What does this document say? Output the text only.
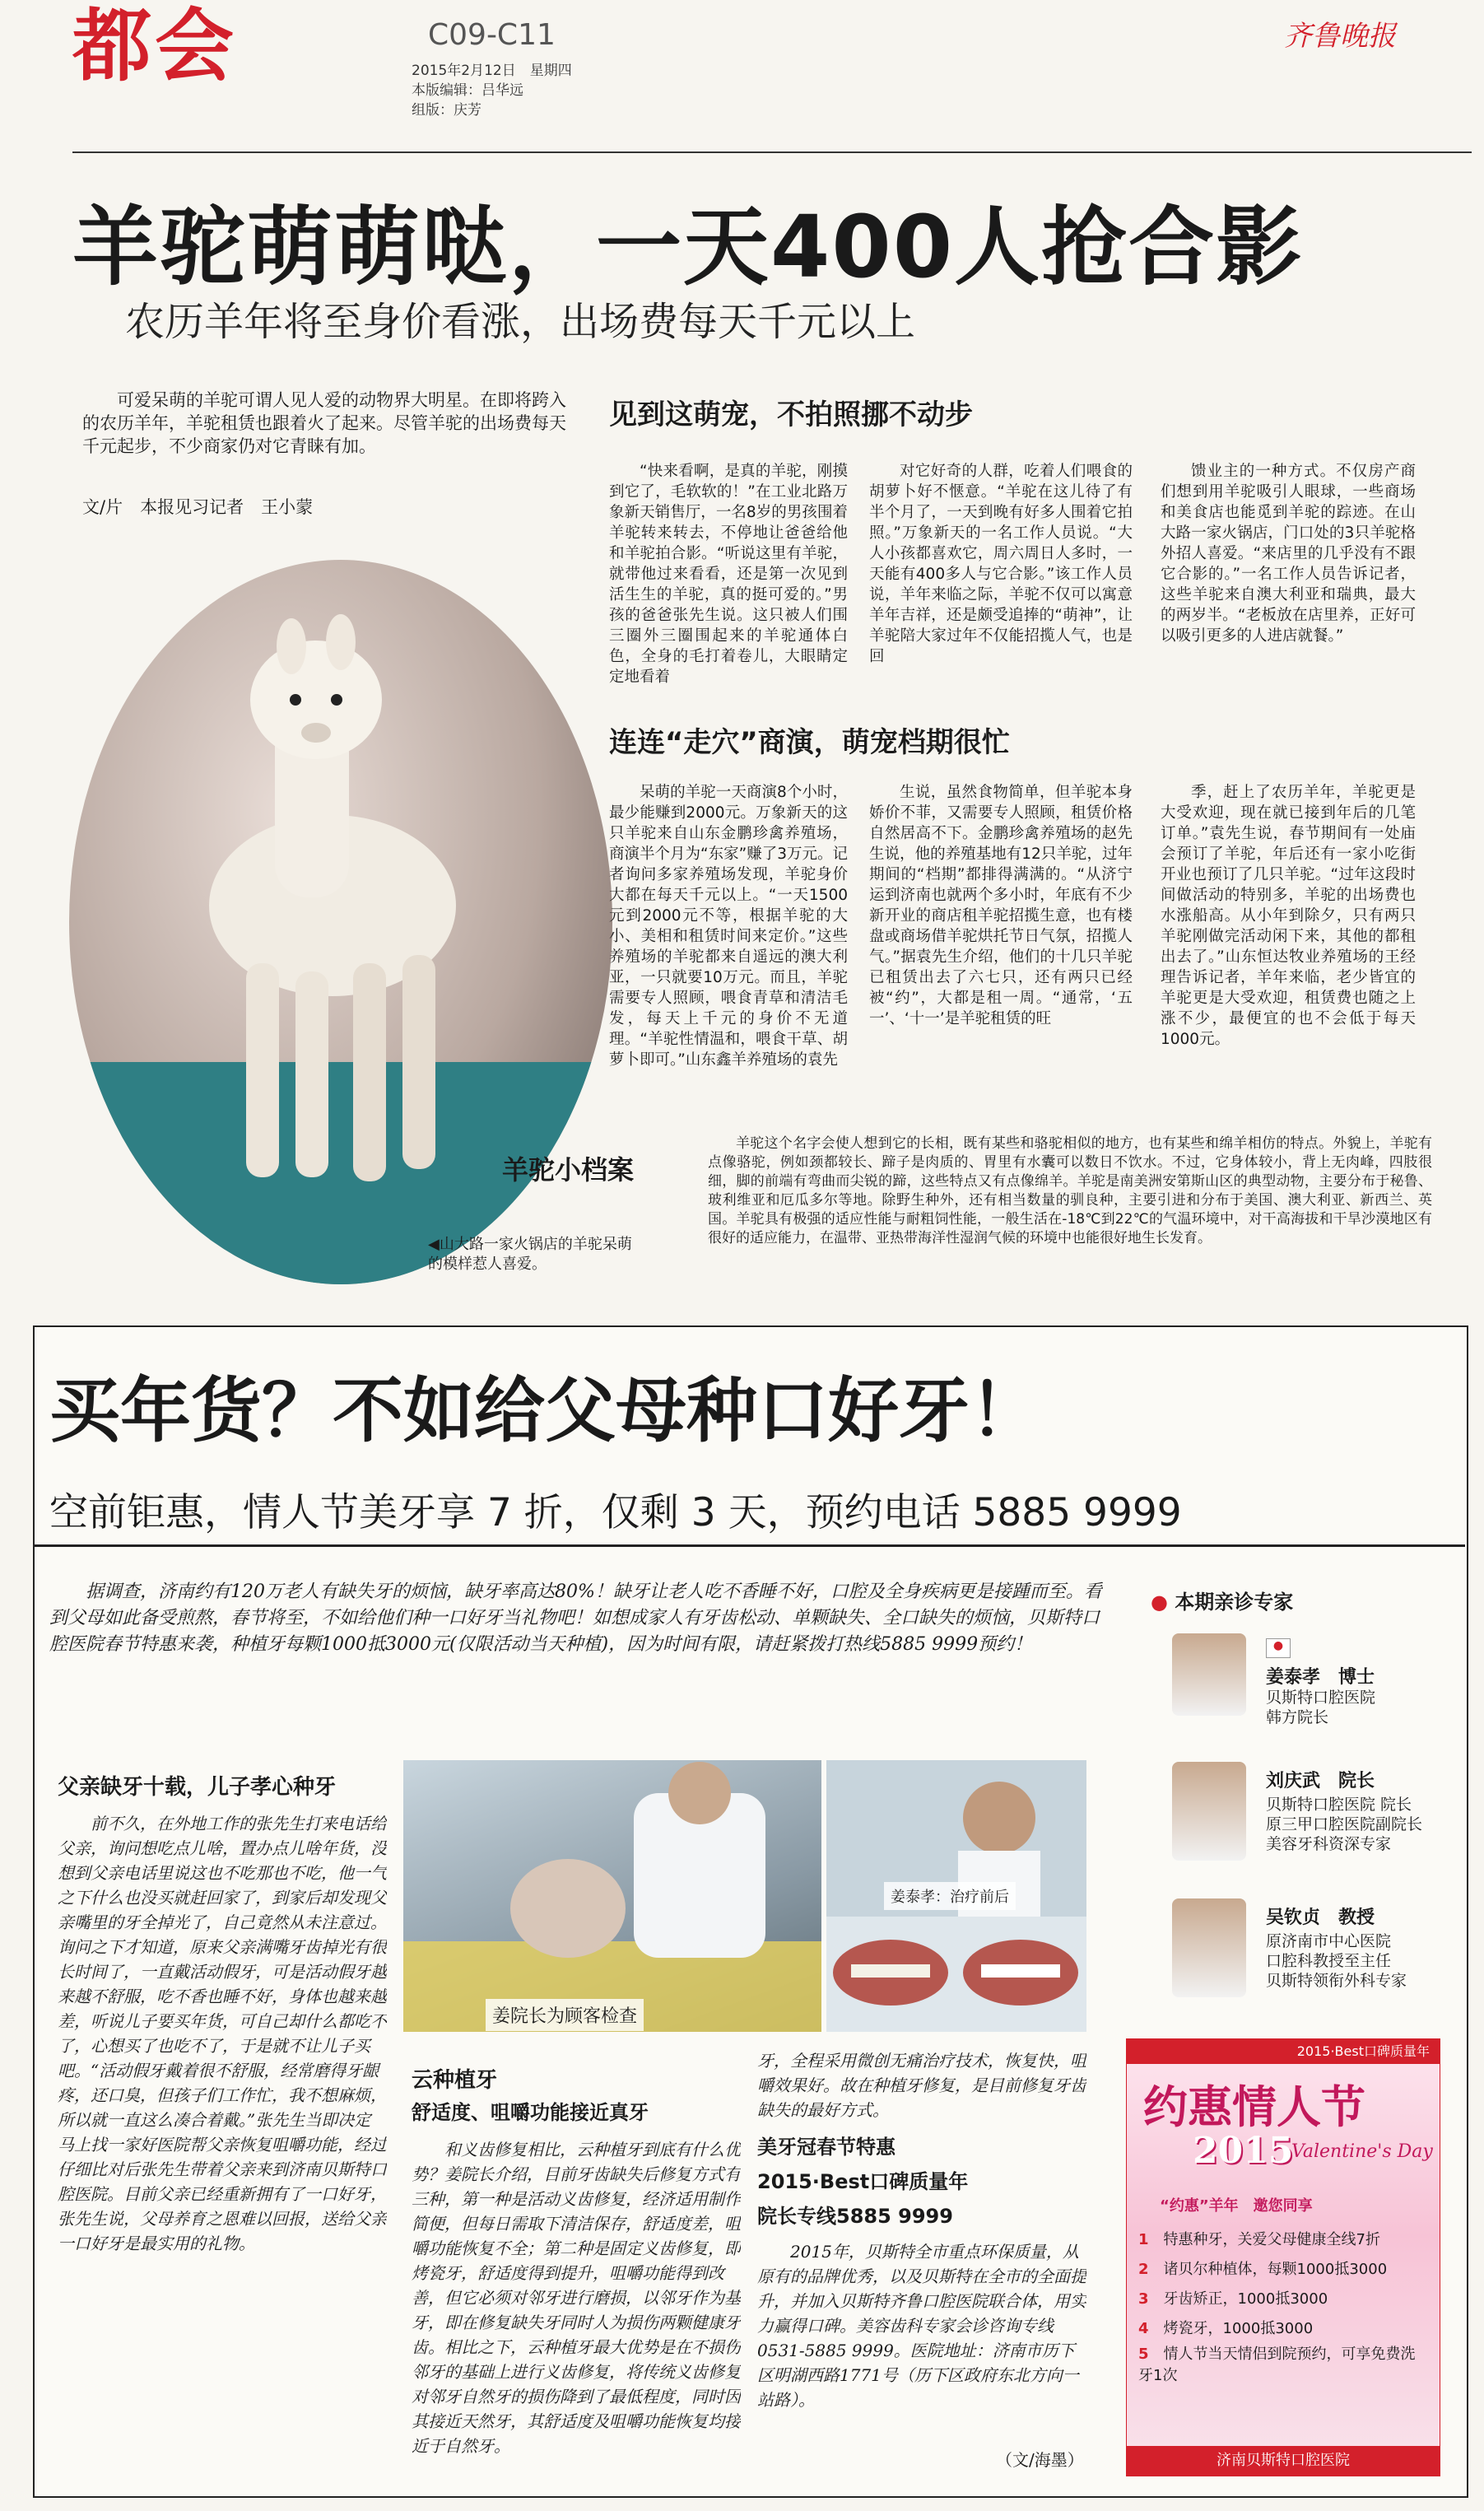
都会	C09-C11
2015年2月12日　星期四
本版编辑：吕华远
组版：庆芳
齐鲁晚报
羊驼萌萌哒，一天400人抢合影
农历羊年将至身价看涨，出场费每天千元以上

可爱呆萌的羊驼可谓人见人爱的动物界大明星。在即将跨入的农历羊年，羊驼租赁也跟着火了起来。尽管羊驼的出场费每天千元起步，不少商家仍对它青睐有加。

文/片　本报见习记者　王小蒙
◀山大路一家火锅店的羊驼呆萌的模样惹人喜爱。
见到这萌宠，不拍照挪不动步

“快来看啊，是真的羊驼，刚摸到它了，毛软软的！”在工业北路万象新天销售厅，一名8岁的男孩围着羊驼转来转去，不停地让爸爸给他和羊驼拍合影。“听说这里有羊驼，就带他过来看看，还是第一次见到活生生的羊驼，真的挺可爱的。”男孩的爸爸张先生说。这只被人们围三圈外三圈围起来的羊驼通体白色，全身的毛打着卷儿，大眼睛定定地看着

对它好奇的人群，吃着人们喂食的胡萝卜好不惬意。“羊驼在这儿待了有半个月了，一天到晚有好多人围着它拍照。”万象新天的一名工作人员说。“大人小孩都喜欢它，周六周日人多时，一天能有400多人与它合影。”该工作人员说，羊年来临之际，羊驼不仅可以寓意羊年吉祥，还是颇受追捧的“萌神”，让羊驼陪大家过年不仅能招揽人气，也是回

馈业主的一种方式。不仅房产商们想到用羊驼吸引人眼球，一些商场和美食店也能觅到羊驼的踪迹。在山大路一家火锅店，门口处的3只羊驼格外招人喜爱。“来店里的几乎没有不跟它合影的。”一名工作人员告诉记者，这些羊驼来自澳大利亚和瑞典，最大的两岁半。“老板放在店里养，正好可以吸引更多的人进店就餐。”

连连“走穴”商演，萌宠档期很忙

呆萌的羊驼一天商演8个小时，最少能赚到2000元。万象新天的这只羊驼来自山东金鹏珍禽养殖场，商演半个月为“东家”赚了3万元。记者询问多家养殖场发现，羊驼身价大都在每天千元以上。“一天1500元到2000元不等，根据羊驼的大小、美相和租赁时间来定价。”这些养殖场的羊驼都来自遥远的澳大利亚，一只就要10万元。而且，羊驼需要专人照顾，喂食青草和清洁毛发，每天上千元的身价不无道理。“羊驼性情温和，喂食干草、胡萝卜即可。”山东鑫羊养殖场的袁先

生说，虽然食物简单，但羊驼本身娇价不菲，又需要专人照顾，租赁价格自然居高不下。金鹏珍禽养殖场的赵先生说，他的养殖基地有12只羊驼，过年期间的“档期”都排得满满的。“从济宁运到济南也就两个多小时，年底有不少新开业的商店租羊驼招揽生意，也有楼盘或商场借羊驼烘托节日气氛，招揽人气。”据袁先生介绍，他们的十几只羊驼已租赁出去了六七只，还有两只已经被“约”，大都是租一周。“通常，‘五一’、‘十一’是羊驼租赁的旺

季，赶上了农历羊年，羊驼更是大受欢迎，现在就已接到年后的几笔订单。”袁先生说，春节期间有一处庙会预订了羊驼，年后还有一家小吃街开业也预订了几只羊驼。“过年这段时间做活动的特别多，羊驼的出场费也水涨船高。从小年到除夕，只有两只羊驼刚做完活动闲下来，其他的都租出去了。”山东恒达牧业养殖场的王经理告诉记者，羊年来临，老少皆宜的羊驼更是大受欢迎，租赁费也随之上涨不少，最便宜的也不会低于每天1000元。

羊驼小档案

羊驼这个名字会使人想到它的长相，既有某些和骆驼相似的地方，也有某些和绵羊相仿的特点。外貌上，羊驼有点像骆驼，例如颈都较长、蹄子是肉质的、胃里有水囊可以数日不饮水。不过，它身体较小，背上无肉峰，四肢很细，脚的前端有弯曲而尖锐的蹄，这些特点又有点像绵羊。羊驼是南美洲安第斯山区的典型动物，主要分布于秘鲁、玻利维亚和厄瓜多尔等地。除野生种外，还有相当数量的驯良种，主要引进和分布于美国、澳大利亚、新西兰、英国。羊驼具有极强的适应性能与耐粗饲性能，一般生活在-18℃到22℃的气温环境中，对干高海拔和干旱沙漠地区有很好的适应能力，在温带、亚热带海洋性湿润气候的环境中也能很好地生长发育。

买年货？不如给父母种口好牙！
空前钜惠，情人节美牙享 7 折，仅剩 3 天，预约电话 5885 9999

据调查，济南约有120万老人有缺失牙的烦恼，缺牙率高达80%！缺牙让老人吃不香睡不好，口腔及全身疾病更是接踵而至。看到父母如此备受煎熬，春节将至，不如给他们种一口好牙当礼物吧！如想成家人有牙齿松动、单颗缺失、全口缺失的烦恼，贝斯特口腔医院春节特惠来袭，种植牙每颗1000抵3000元(仅限活动当天种植)，因为时间有限，请赶紧拨打热线5885 9999预约！

父亲缺牙十载，儿子孝心种牙

前不久，在外地工作的张先生打来电话给父亲，询问想吃点儿啥，置办点儿啥年货，没想到父亲电话里说这也不吃那也不吃，他一气之下什么也没买就赶回家了，到家后却发现父亲嘴里的牙全掉光了，自己竟然从未注意过。询问之下才知道，原来父亲满嘴牙齿掉光有很长时间了，一直戴活动假牙，可是活动假牙越来越不舒服，吃不香也睡不好，身体也越来越差，听说儿子要买年货，可自己却什么都吃不了，心想买了也吃不了，于是就不让儿子买吧。“活动假牙戴着很不舒服，经常磨得牙龈疼，还口臭，但孩子们工作忙，我不想麻烦，所以就一直这么凑合着戴。”张先生当即决定马上找一家好医院帮父亲恢复咀嚼功能，经过仔细比对后张先生带着父亲来到济南贝斯特口腔医院。目前父亲已经重新拥有了一口好牙，张先生说，父母养育之恩难以回报，送给父亲一口好牙是最实用的礼物。

姜院长为顾客检查
姜泰孝：治疗前后
云种植牙
舒适度、咀嚼功能接近真牙

和义齿修复相比，云种植牙到底有什么优势？姜院长介绍，目前牙齿缺失后修复方式有三种，第一种是活动义齿修复，经济适用制作简便，但每日需取下清洁保存，舒适度差，咀嚼功能恢复不全；第二种是固定义齿修复，即烤瓷牙，舒适度得到提升，咀嚼功能得到改善，但它必须对邻牙进行磨损，以邻牙作为基牙，即在修复缺失牙同时人为损伤两颗健康牙齿。相比之下，云种植牙最大优势是在不损伤邻牙的基础上进行义齿修复，将传统义齿修复对邻牙自然牙的损伤降到了最低程度，同时因其接近天然牙，其舒适度及咀嚼功能恢复均接近于自然牙。

牙，全程采用微创无痛治疗技术，恢复快，咀嚼效果好。故在种植牙修复，是目前修复牙齿缺失的最好方式。

美牙冠春节特惠
2015·Best口碑质量年
院长专线5885 9999

2015年，贝斯特全市重点环保质量，从原有的品牌优秀，以及贝斯特在全市的全面提升，并加入贝斯特齐鲁口腔医院联合体，用实力赢得口碑。美容齿科专家会诊咨询专线0531-5885 9999。医院地址：济南市历下区明湖西路1771号（历下区政府东北方向一站路）。

（文/海墨）
● 本期亲诊专家
●
姜泰孝　博士
贝斯特口腔医院
韩方院长
刘庆武　院长
贝斯特口腔医院 院长
原三甲口腔医院副院长
美容牙科资深专家
吴钦贞　教授
原济南市中心医院
口腔科教授至主任
贝斯特领衔外科专家
2015·Best口碑质量年
约惠情人节
2015
Valentine's Day
“约惠”羊年　邀您同享
1　 特惠种牙，关爱父母健康全线7折
2　 诸贝尔种植体，每颗1000抵3000
3　 牙齿矫正，1000抵3000
4　 烤瓷牙，1000抵3000
5　 情人节当天情侣到院预约，可享免费洗牙1次
济南贝斯特口腔医院
